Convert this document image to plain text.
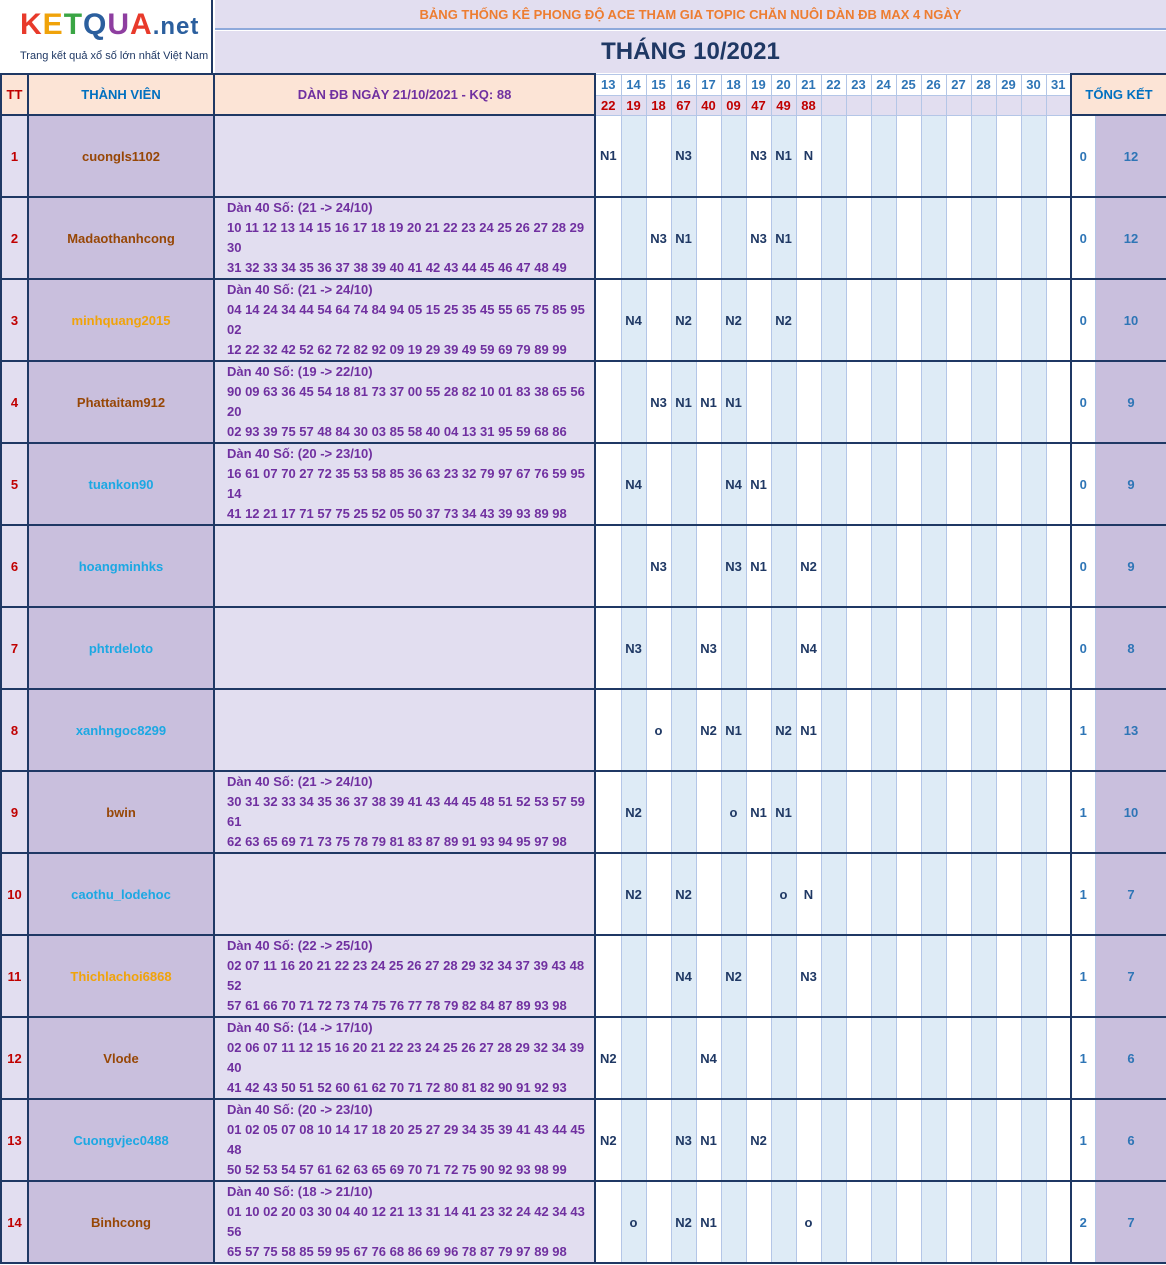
KETQUA.net
Trang kết quả xổ số lớn nhất Việt Nam
BẢNG THỐNG KÊ PHONG ĐỘ ACE THAM GIA TOPIC CHĂN NUÔI DÀN ĐB MAX 4 NGÀY
THÁNG 10/2021
TT	THÀNH VIÊN	DÀN ĐB NGÀY 21/10/2021 - KQ: 88	13	14	15	16	17	18	19	20	21	22	23	24	25	26	27	28	29	30	31	TỔNG KẾT	
			22	19	18	67	40	09	47	49	88												
1	cuongls1102		N1			N3			N3	N1	N											0	12
2	Madaothanhcong	Dàn 40 Số: (21 -> 24/10)
10 11 12 13 14 15 16 17 18 19 20 21 22 23 24 25 26 27 28 29 30
31 32 33 34 35 36 37 38 39 40 41 42 43 44 45 46 47 48 49			N3	N1			N3	N1												0	12
3	minhquang2015	Dàn 40 Số: (21 -> 24/10)
04 14 24 34 44 54 64 74 84 94 05 15 25 35 45 55 65 75 85 95 02
12 22 32 42 52 62 72 82 92 09 19 29 39 49 59 69 79 89 99		N4		N2		N2		N2												0	10
4	Phattaitam912	Dàn 40 Số: (19 -> 22/10)
90 09 63 36 45 54 18 81 73 37 00 55 28 82 10 01 83 38 65 56 20
02 93 39 75 57 48 84 30 03 85 58 40 04 13 31 95 59 68 86			N3	N1	N1	N1														0	9
5	tuankon90	Dàn 40 Số: (20 -> 23/10)
16 61 07 70 27 72 35 53 58 85 36 63 23 32 79 97 67 76 59 95 14
41 12 21 17 71 57 75 25 52 05 50 37 73 34 43 39 93 89 98		N4				N4	N1													0	9
6	hoangminhks				N3			N3	N1		N2											0	9
7	phtrdeloto			N3			N3				N4											0	8
8	xanhngoc8299				o		N2	N1		N2	N1											1	13
9	bwin	Dàn 40 Số: (21 -> 24/10)
30 31 32 33 34 35 36 37 38 39 41 43 44 45 48 51 52 53 57 59 61
62 63 65 69 71 73 75 78 79 81 83 87 89 91 93 94 95 97 98		N2				o	N1	N1												1	10
10	caothu_lodehoc			N2		N2				o	N											1	7
11	Thichlachoi6868	Dàn 40 Số: (22 -> 25/10)
02 07 11 16 20 21 22 23 24 25 26 27 28 29 32 34 37 39 43 48 52
57 61 66 70 71 72 73 74 75 76 77 78 79 82 84 87 89 93 98				N4		N2			N3											1	7
12	Vlode	Dàn 40 Số: (14 -> 17/10)
02 06 07 11 12 15 16 20 21 22 23 24 25 26 27 28 29 32 34 39 40
41 42 43 50 51 52 60 61 62 70 71 72 80 81 82 90 91 92 93	N2				N4															1	6
13	Cuongvjec0488	Dàn 40 Số: (20 -> 23/10)
01 02 05 07 08 10 14 17 18 20 25 27 29 34 35 39 41 43 44 45 48
50 52 53 54 57 61 62 63 65 69 70 71 72 75 90 92 93 98 99	N2			N3	N1		N2													1	6
14	Binhcong	Dàn 40 Số: (18 -> 21/10)
01 10 02 20 03 30 04 40 12 21 13 31 14 41 23 32 24 42 34 43 56
65 57 75 58 85 59 95 67 76 68 86 69 96 78 87 79 97 89 98		o		N2	N1				o											2	7
